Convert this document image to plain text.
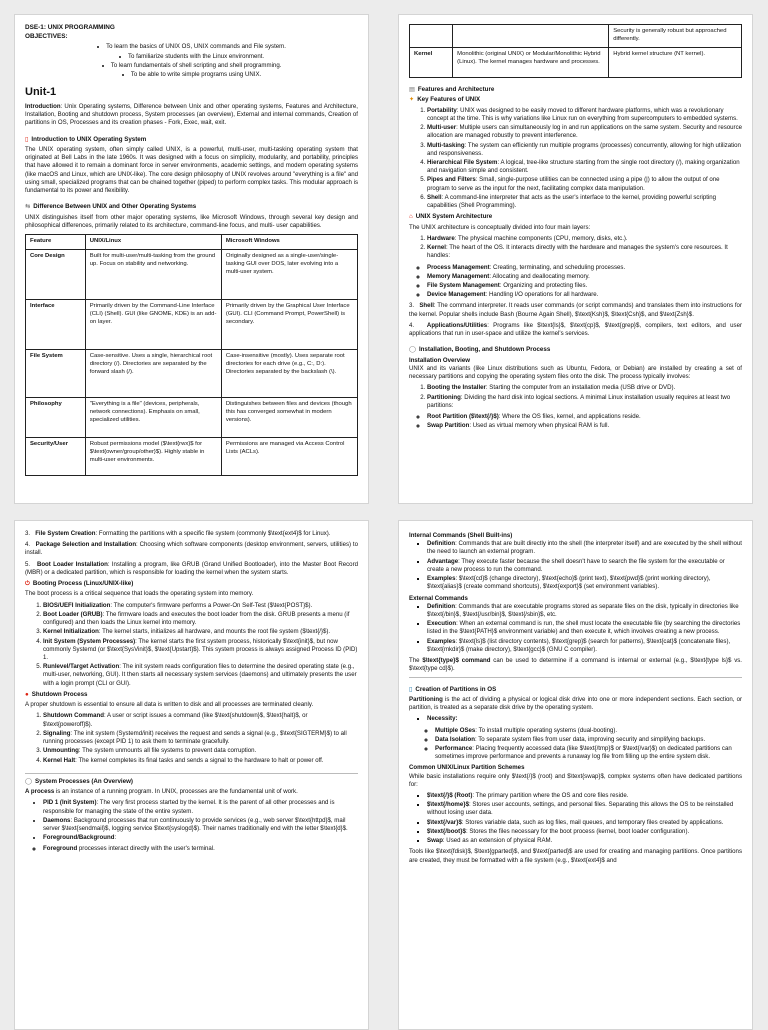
DSE-1: UNIX PROGRAMMING
OBJECTIVES:
• To learn the basics of UNIX OS, UNIX commands and File system.
• To familiarize students with the Linux environment.
• To learn fundamentals of shell scripting and shell programming.
• To be able to write simple programs using UNIX.
Unit-1

Introduction: Unix Operating systems, Difference between Unix and other operating systems, Features and Architecture, Installation, Booting and shutdown process, System processes (an overview), External and internal commands, Creation of partitions in OS, Processes and its creation phases - Fork, Exec, wait, exit.

▯ Introduction to UNIX Operating System

The UNIX operating system, often simply called UNIX, is a powerful, multi-user, multi-tasking operating system that originated at Bell Labs in the late 1960s. It was designed with a focus on simplicity, modularity, and portability, principles that have allowed it to remain a dominant force in server environments, academic settings, and modern operating systems (like macOS and Linux, which are UNIX-like). The core design philosophy of UNIX revolves around "everything is a file" and using small, specialized programs that can be chained together (piped) to perform complex tasks. This modular approach is fundamental to its power and flexibility.

⇆ Difference Between UNIX and Other Operating Systems

UNIX distinguishes itself from other major operating systems, like Microsoft Windows, through several key design and philosophical differences, primarily related to its architecture, command-line focus, and multi- user capabilities.

Feature	UNIX/Linux	Microsoft Windows
Core Design	Built for multi-user/multi-tasking from the ground up. Focus on stability and networking.	Originally designed as a single-user/single-tasking GUI over DOS, later evolving into a multi-user system.
Interface	Primarily driven by the Command-Line Interface (CLI) (Shell). GUI (like GNOME, KDE) is an add-on layer.	Primarily driven by the Graphical User Interface (GUI). CLI (Command Prompt, PowerShell) is secondary.
File System	Case-sensitive. Uses a single, hierarchical root directory (/). Directories are separated by the forward slash (/).	Case-insensitive (mostly). Uses separate root directories for each drive (e.g., C:, D:). Directories separated by the backslash (\).
Philosophy	"Everything is a file" (devices, peripherals, network connections). Emphasis on small, specialized utilities.	Distinguishes between files and devices (though this has converged somewhat in modern versions).
Security/User	Robust permissions model ($\text{rwx}$ for $\text{owner/group/other}$). Highly stable in multi-user environments.	Permissions are managed via Access Control Lists (ACLs).
		Security is generally robust but approached differently.
Kernel	Monolithic (original UNIX) or Modular/Monolithic Hybrid (Linux). The kernel manages hardware and processes.	Hybrid kernel structure (NT kernel).
▤ Features and Architecture
✦ Key Features of UNIX
1. Portability: UNIX was designed to be easily moved to different hardware platforms, which was a revolutionary concept at the time. This is why variations like Linux run on everything from supercomputers to embedded systems.
2. Multi-user: Multiple users can simultaneously log in and run applications on the same system. Security and resource allocation are managed robustly to prevent interference.
3. Multi-tasking: The system can efficiently run multiple programs (processes) concurrently, allowing for high utilization and responsiveness.
4. Hierarchical File System: A logical, tree-like structure starting from the single root directory (/), making organization and navigation simple and consistent.
5. Pipes and Filters: Small, single-purpose utilities can be connected using a pipe (|) to allow the output of one program to serve as the input for the next, facilitating complex data manipulation.
6. Shell: A command-line interpreter that acts as the user's interface to the kernel, providing powerful scripting capabilities (Shell Programming).
⌂ UNIX System Architecture

The UNIX architecture is conceptually divided into four main layers:

1. Hardware: The physical machine components (CPU, memory, disks, etc.).
2. Kernel: The heart of the OS. It interacts directly with the hardware and manages the system's core resources. It handles:
◦ Process Management: Creating, terminating, and scheduling processes.
◦ Memory Management: Allocating and deallocating memory.
◦ File System Management: Organizing and protecting files.
◦ Device Management: Handling I/O operations for all hardware.

3. Shell: The command interpreter. It reads user commands (or script commands) and translates them into instructions for the kernel. Popular shells include Bash (Bourne Again Shell), $\text{Ksh}$, $\text{Csh}$, and $\text{Zsh}$.

4. Applications/Utilities: Programs like $\text{ls}$, $\text{cp}$, $\text{grep}$, compilers, text editors, and user applications that run in user-space and utilize the kernel's services.

◯ Installation, Booting, and Shutdown Process
Installation Overview

UNIX and its variants (like Linux distributions such as Ubuntu, Fedora, or Debian) are installed by creating a set of necessary partitions and copying the operating system files onto the disk. The process typically involves:

1. Booting the Installer: Starting the computer from an installation media (USB drive or DVD).
2. Partitioning: Dividing the hard disk into logical sections. A minimal Linux installation usually requires at least two partitions:
◦ Root Partition ($\text{/}$): Where the OS files, kernel, and applications reside.
◦ Swap Partition: Used as virtual memory when physical RAM is full.

3. File System Creation: Formatting the partitions with a specific file system (commonly $\text{ext4}$ for Linux).

4. Package Selection and Installation: Choosing which software components (desktop environment, servers, utilities) to install.

5. Boot Loader Installation: Installing a program, like GRUB (Grand Unified Bootloader), into the Master Boot Record (MBR) or a dedicated partition, which is responsible for loading the kernel when the system starts.

⏻ Booting Process (Linux/UNIX-like)

The boot process is a critical sequence that loads the operating system into memory.

1. BIOS/UEFI Initialization: The computer's firmware performs a Power-On Self-Test ($\text{POST}$).
2. Boot Loader (GRUB): The firmware loads and executes the boot loader from the disk. GRUB presents a menu (if configured) and then loads the Linux kernel into memory.
3. Kernel Initialization: The kernel starts, initializes all hardware, and mounts the root file system ($\text{/}$).
4. Init System (System Processes): The kernel starts the first system process, historically $\text{init}$, but now commonly Systemd (or $\text{SysVinit}$, $\text{Upstart}$). This system process is always assigned Process ID (PID) 1.
5. Runlevel/Target Activation: The init system reads configuration files to determine the desired operating state (e.g., multi-user, networking, GUI). It then starts all necessary system services (daemons) and ultimately presents the user with a login prompt (CLI or GUI).
● Shutdown Process

A proper shutdown is essential to ensure all data is written to disk and all processes are terminated cleanly.

1. Shutdown Command: A user or script issues a command (like $\text{shutdown}$, $\text{halt}$, or $\text{poweroff}$).
2. Signaling: The init system (Systemd/init) receives the request and sends a signal (e.g., $\text{SIGTERM}$) to all running processes (except PID 1) to ask them to terminate gracefully.
3. Unmounting: The system unmounts all file systems to prevent data corruption.
4. Kernel Halt: The kernel completes its final tasks and sends a signal to the hardware to halt or power off.
◯ System Processes (An Overview)

A process is an instance of a running program. In UNIX, processes are the fundamental unit of work.

• PID 1 (Init System): The very first process started by the kernel. It is the parent of all other processes and is responsible for managing the state of the entire system.
• Daemons: Background processes that run continuously to provide services (e.g., web server $\text{httpd}$, mail server $\text{sendmail}$, logging service $\text{syslogd}$). Their names traditionally end with the letter $\text{d}$.
• Foreground/Background:
◦ Foreground processes interact directly with the user's terminal.
Internal Commands (Shell Built-ins)
▪ Definition: Commands that are built directly into the shell (the interpreter itself) and are executed by the shell without the need to launch an external program.
▪ Advantage: They execute faster because the shell doesn't have to search the file system for the executable or create a new process to run the command.
▪ Examples: $\text{cd}$ (change directory), $\text{echo}$ (print text), $\text{pwd}$ (print working directory), $\text{alias}$ (create command shortcuts), $\text{export}$ (set environment variables).
External Commands
▪ Definition: Commands that are executable programs stored as separate files on the disk, typically in directories like $\text{/bin}$, $\text{/usr/bin}$, $\text{/sbin}$, etc.
▪ Execution: When an external command is run, the shell must locate the executable file (by searching the directories listed in the $\text{PATH}$ environment variable) and then execute it, which involves creating a new process.
▪ Examples: $\text{ls}$ (list directory contents), $\text{grep}$ (search for patterns), $\text{cat}$ (concatenate files), $\text{mkdir}$ (make directory), $\text{gcc}$ (GNU C compiler).

The $\text{type}$ command can be used to determine if a command is internal or external (e.g., $\text{type ls}$ vs. $\text{type cd}$).

▯ Creation of Partitions in OS

Partitioning is the act of dividing a physical or logical disk drive into one or more independent sections. Each section, or partition, is treated as a separate disk drive by the operating system.

▪ Necessity:
◦ Multiple OSes: To install multiple operating systems (dual-booting).
◦ Data Isolation: To separate system files from user data, improving security and simplifying backups.
◦ Performance: Placing frequently accessed data (like $\text{/tmp}$ or $\text{/var}$) on dedicated partitions can sometimes improve performance and prevents a runaway log file from filling up the entire system disk.
Common UNIX/Linux Partition Schemes

While basic installations require only $\text{/}$ (root) and $\text{swap}$, complex systems often have dedicated partitions for:

▪ $\text{/}$ (Root): The primary partition where the OS and core files reside.
▪ $\text{/home}$: Stores user accounts, settings, and personal files. Separating this allows the OS to be reinstalled without losing user data.
▪ $\text{/var}$: Stores variable data, such as log files, mail queues, and temporary files created by applications.
▪ $\text{/boot}$: Stores the files necessary for the boot process (kernel, boot loader configuration).
▪ Swap: Used as an extension of physical RAM.

Tools like $\text{fdisk}$, $\text{gparted}$, and $\text{parted}$ are used for creating and managing partitions. Once partitions are created, they must be formatted with a file system (e.g., $\text{ext4}$ and
